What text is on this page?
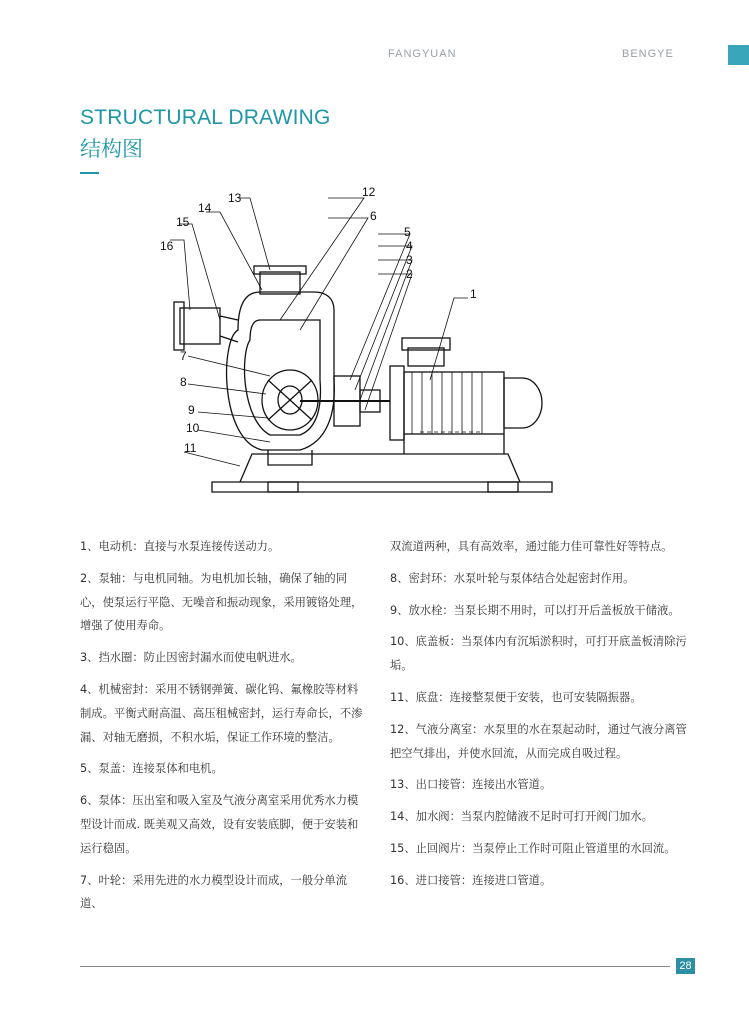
FANGYUAN	BENGYE
STRUCTURAL DRAWING
结构图
1
2
3
4
5
6
7
8
9
10
11
12
13
14
15
16

1、电动机：直接与水泵连接传送动力。

2、泵轴：与电机同轴。为电机加长轴，确保了轴的同心，使泵运行平隐、无噪音和振动现象，采用镀铬处理，增强了使用寿命。

3、挡水圈：防止因密封漏水而使电帆进水。

4、机械密封：采用不锈钢弹簧、碳化钨、氟橡胶等材料制成。平衡式耐高温、高压租械密封，运行寿命长，不渗漏、对轴无磨损，不积水垢，保证工作环境的整洁。

5、泵盖：连接泵体和电机。

6、泵体：压出室和吸入室及气液分离室采用优秀水力模型设计而成. 既美观又高效，设有安装底脚，便于安装和运行稳固。

7、叶轮：采用先进的水力模型设计而成，一般分单流道、

双流道两种，具有高效率，通过能力佳可靠性好等特点。

8、密封环：水泵叶轮与泵体结合处起密封作用。

9、放水栓：当泵长期不用时，可以打开后盖板放干储液。

10、底盖板：当泵体内有沉垢淤积时，可打开底盖板清除污垢。

11、底盘：连接整泵便于安装，也可安装隔振器。

12、气液分离室：水泵里的水在泵起动时，通过气液分离管把空气排出，并使水回流，从而完成自吸过程。

13、出口接管：连接出水管道。

14、加水阀：当泵内腔储液不足时可打开阀门加水。

15、止回阀片：当泵停止工作时可阻止管道里的水回流。

16、进口接管：连接进口管道。

28
